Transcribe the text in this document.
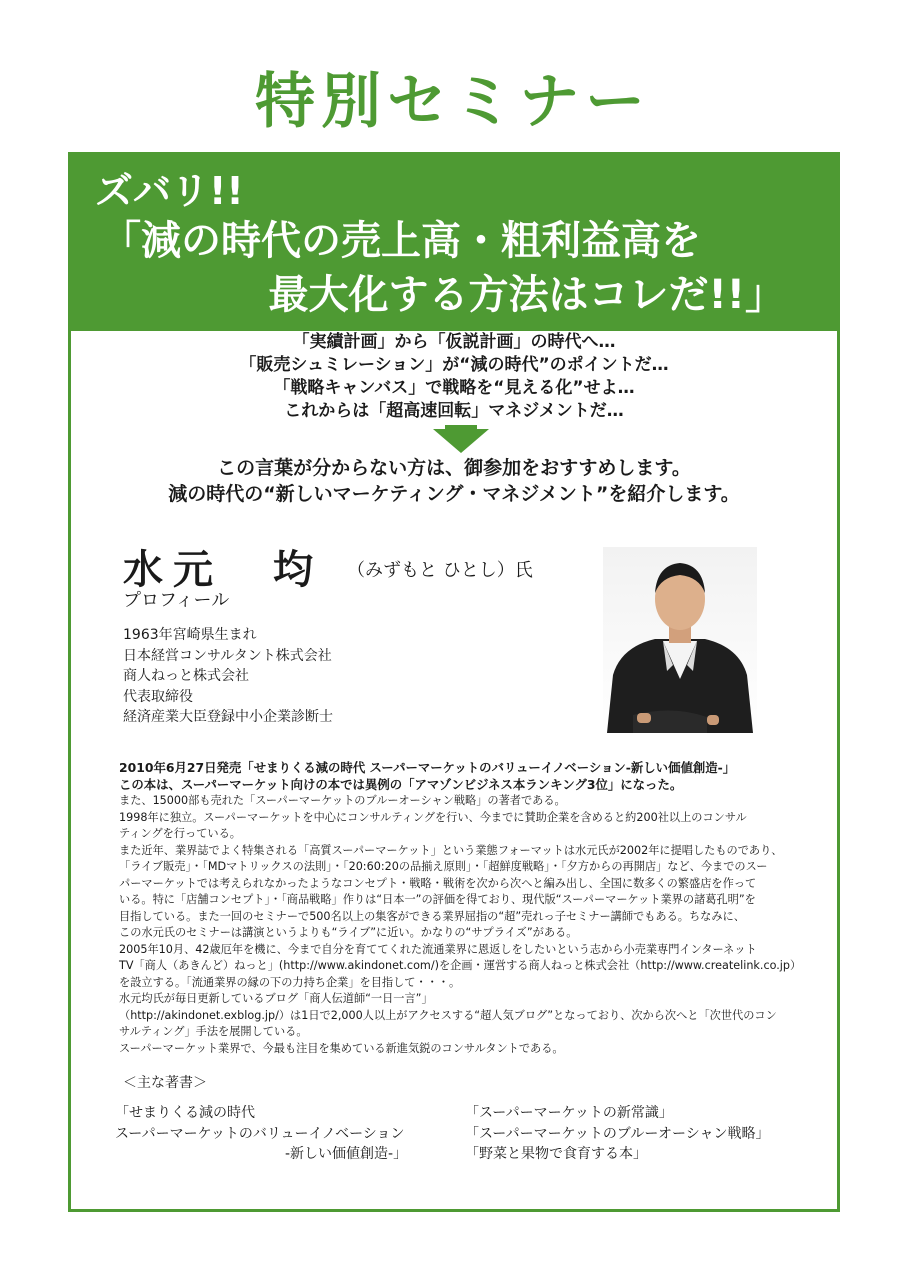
特別セミナー
ズバリ!!
「減の時代の売上高・粗利益高を
最大化する方法はコレだ!!」
「実績計画」から「仮説計画」の時代へ…
「販売シュミレーション」が“減の時代”のポイントだ…
「戦略キャンバス」で戦略を“見える化”せよ…
これからは「超高速回転」マネジメントだ…
この言葉が分からない方は、御参加をおすすめします。
減の時代の“新しいマーケティング・マネジメント”を紹介します。
水元　均 （みずもと ひとし）氏
プロフィール
1963年宮崎県生まれ
日本経営コンサルタント株式会社
商人ねっと株式会社
代表取締役
経済産業大臣登録中小企業診断士

2010年6月27日発売「せまりくる減の時代 スーパーマーケットのバリューイノベーション-新しい価値創造-」

この本は、スーパーマーケット向けの本では異例の「アマゾンビジネス本ランキング3位」になった。

また、15000部も売れた「スーパーマーケットのブルーオーシャン戦略」の著者である。

1998年に独立。スーパーマーケットを中心にコンサルティングを行い、今までに賛助企業を含めると約200社以上のコンサル

ティングを行っている。

また近年、業界誌でよく特集される「高質スーパーマーケット」という業態フォーマットは水元氏が2002年に提唱したものであり、

「ライブ販売」・「MDマトリックスの法則」・「20:60:20の品揃え原則」・「超鮮度戦略」・「夕方からの再開店」など、今までのスー

パーマーケットでは考えられなかったようなコンセプト・戦略・戦術を次から次へと編み出し、全国に数多くの繁盛店を作って

いる。特に「店舗コンセプト」・「商品戦略」作りは“日本一”の評価を得ており、現代版“スーパーマーケット業界の諸葛孔明”を

目指している。また一回のセミナーで500名以上の集客ができる業界屈指の“超”売れっ子セミナー講師でもある。ちなみに、

この水元氏のセミナーは講演というよりも“ライブ”に近い。かなりの“サプライズ”がある。

2005年10月、42歳厄年を機に、今まで自分を育ててくれた流通業界に恩返しをしたいという志から小売業専門インターネット

TV「商人（あきんど）ねっと」(http://www.akindonet.com/)を企画・運営する商人ねっと株式会社（http://www.createlink.co.jp）

を設立する。「流通業界の縁の下の力持ち企業」を目指して・・・。

水元均氏が毎日更新しているブログ「商人伝道師“一日一言”」

（http://akindonet.exblog.jp/）は1日で2,000人以上がアクセスする“超人気ブログ”となっており、次から次へと「次世代のコン

サルティング」手法を展開している。

スーパーマーケット業界で、今最も注目を集めている新進気鋭のコンサルタントである。

＜主な著書＞
「せまりくる減の時代
スーパーマーケットのバリューイノベーション
-新しい価値創造-」
「スーパーマーケットの新常識」
「スーパーマーケットのブルーオーシャン戦略」
「野菜と果物で食育する本」
